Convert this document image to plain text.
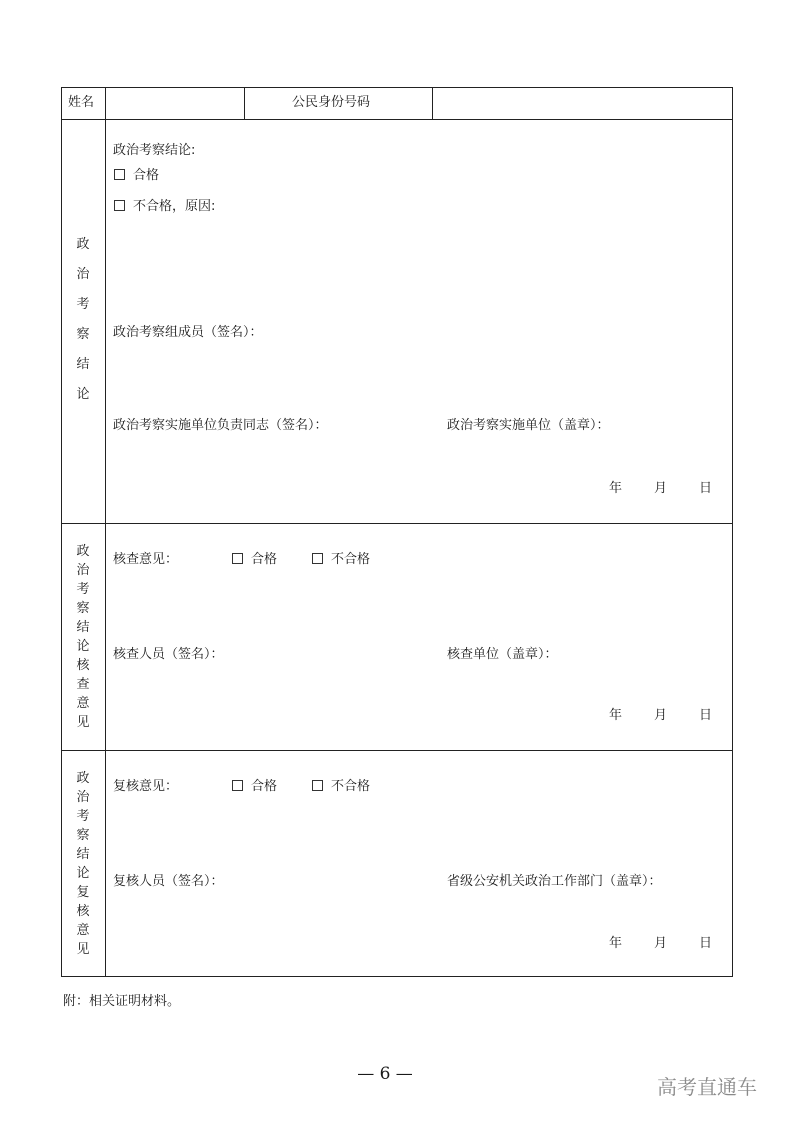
姓名	公民身份号码
政
治
考
察
结
论
政治考察结论:
合格
不合格，原因:
政治考察组成员（签名）：
政治考察实施单位负责同志（签名）：	政治考察实施单位（盖章）：
年 月 日
政
治
考
察
结
论
核
查
意
见
核查意见：	合格	不合格
核查人员（签名）：	核查单位（盖章）：
年 月 日
政
治
考
察
结
论
复
核
意
见
复核意见：	合格	不合格
复核人员（签名）：	省级公安机关政治工作部门（盖章）：
年 月 日
附：相关证明材料。
— 6 —
高考直通车
